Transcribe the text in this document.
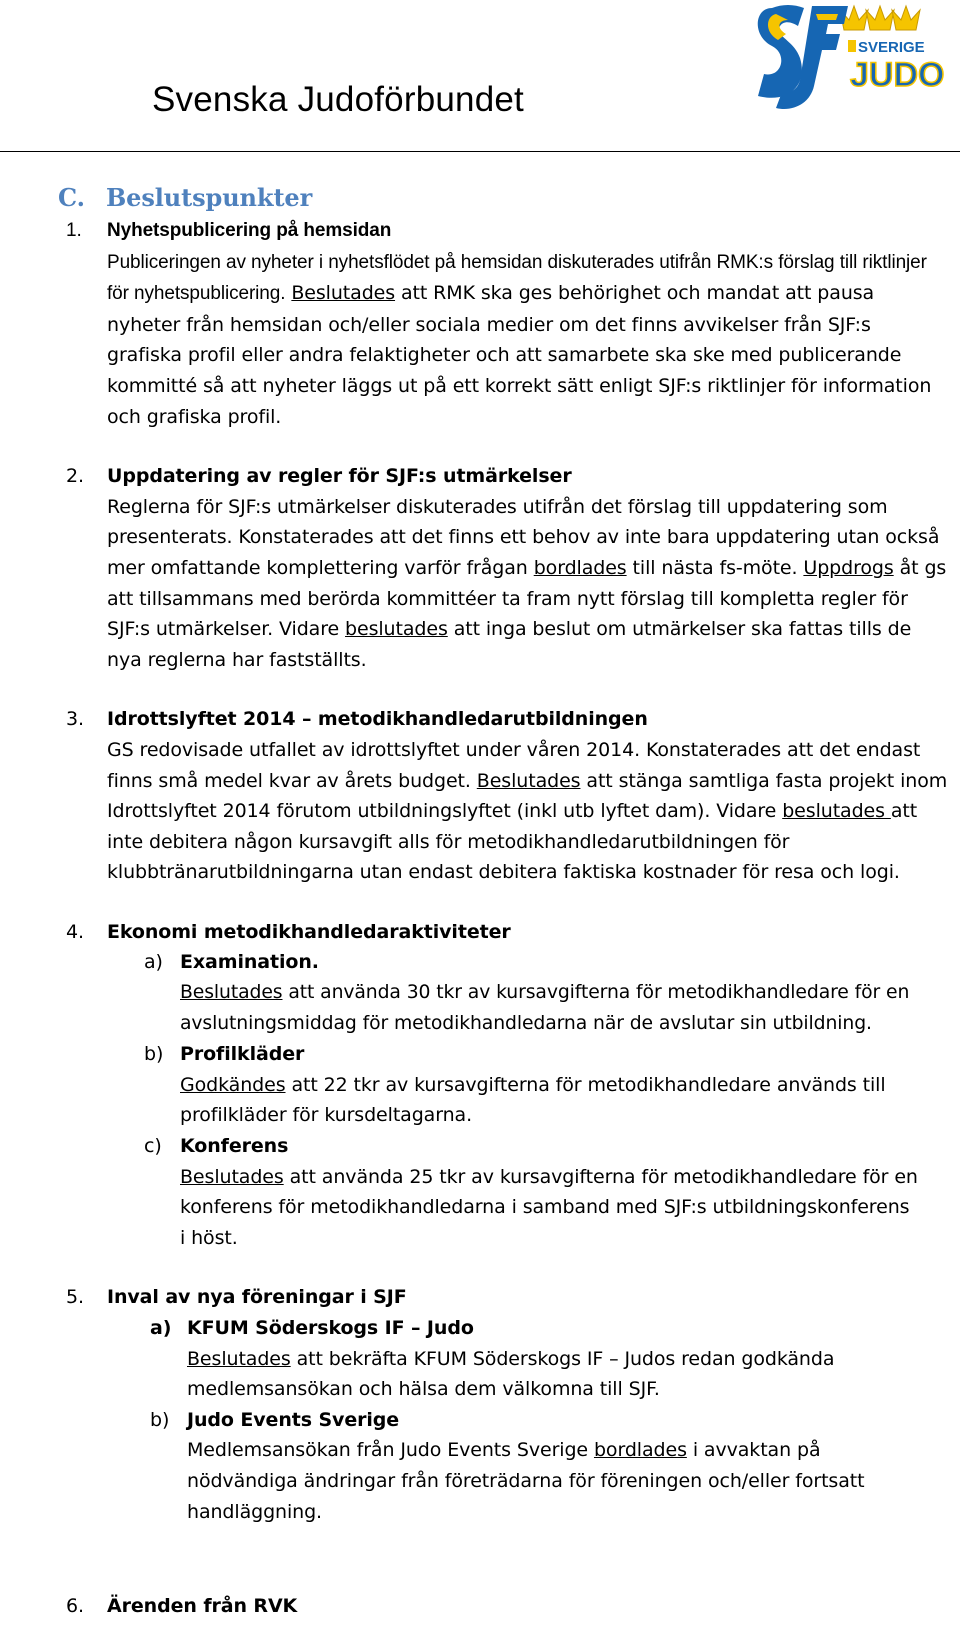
Svenska Judoförbundet
SVERIGE
JUDO
C. Beslutspunkter
1. Nyhetspublicering på hemsidan
Publiceringen av nyheter i nyhetsflödet på hemsidan diskuterades utifrån RMK:s förslag till riktlinjer för nyhetspublicering. Beslutades att RMK ska ges behörighet och mandat att pausa nyheter från hemsidan och/eller sociala medier om det finns avvikelser från SJF:s grafiska profil eller andra felaktigheter och att samarbete ska ske med publicerande kommitté så att nyheter läggs ut på ett korrekt sätt enligt SJF:s riktlinjer för information och grafiska profil.
2. Uppdatering av regler för SJF:s utmärkelser
Reglerna för SJF:s utmärkelser diskuterades utifrån det förslag till uppdatering som presenterats. Konstaterades att det finns ett behov av inte bara uppdatering utan också mer omfattande komplettering varför frågan bordlades till nästa fs-möte. Uppdrogs åt gs att tillsammans med berörda kommittéer ta fram nytt förslag till kompletta regler för SJF:s utmärkelser. Vidare beslutades att inga beslut om utmärkelser ska fattas tills de nya reglerna har fastställts.
3. Idrottslyftet 2014 – metodikhandledarutbildningen
GS redovisade utfallet av idrottslyftet under våren 2014. Konstaterades att det endast finns små medel kvar av årets budget. Beslutades att stänga samtliga fasta projekt inom Idrottslyftet 2014 förutom utbildningslyftet (inkl utb lyftet dam). Vidare beslutades att inte debitera någon kursavgift alls för metodikhandledarutbildningen för klubbtränarutbildningarna utan endast debitera faktiska kostnader för resa och logi.
4. Ekonomi metodikhandledaraktiviteter
a) Examination.
Beslutades att använda 30 tkr av kursavgifterna för metodikhandledare för en avslutningsmiddag för metodikhandledarna när de avslutar sin utbildning.
b) Profilkläder
Godkändes att 22 tkr av kursavgifterna för metodikhandledare används till profilkläder för kursdeltagarna.
c) Konferens
Beslutades att använda 25 tkr av kursavgifterna för metodikhandledare för en konferens för metodikhandledarna i samband med SJF:s utbildningskonferens i höst.
5. Inval av nya föreningar i SJF
a) KFUM Söderskogs IF – Judo
Beslutades att bekräfta KFUM Söderskogs IF – Judos redan godkända medlemsansökan och hälsa dem välkomna till SJF.
b) Judo Events Sverige
Medlemsansökan från Judo Events Sverige bordlades i avvaktan på nödvändiga ändringar från företrädarna för föreningen och/eller fortsatt handläggning.
6. Ärenden från RVK
